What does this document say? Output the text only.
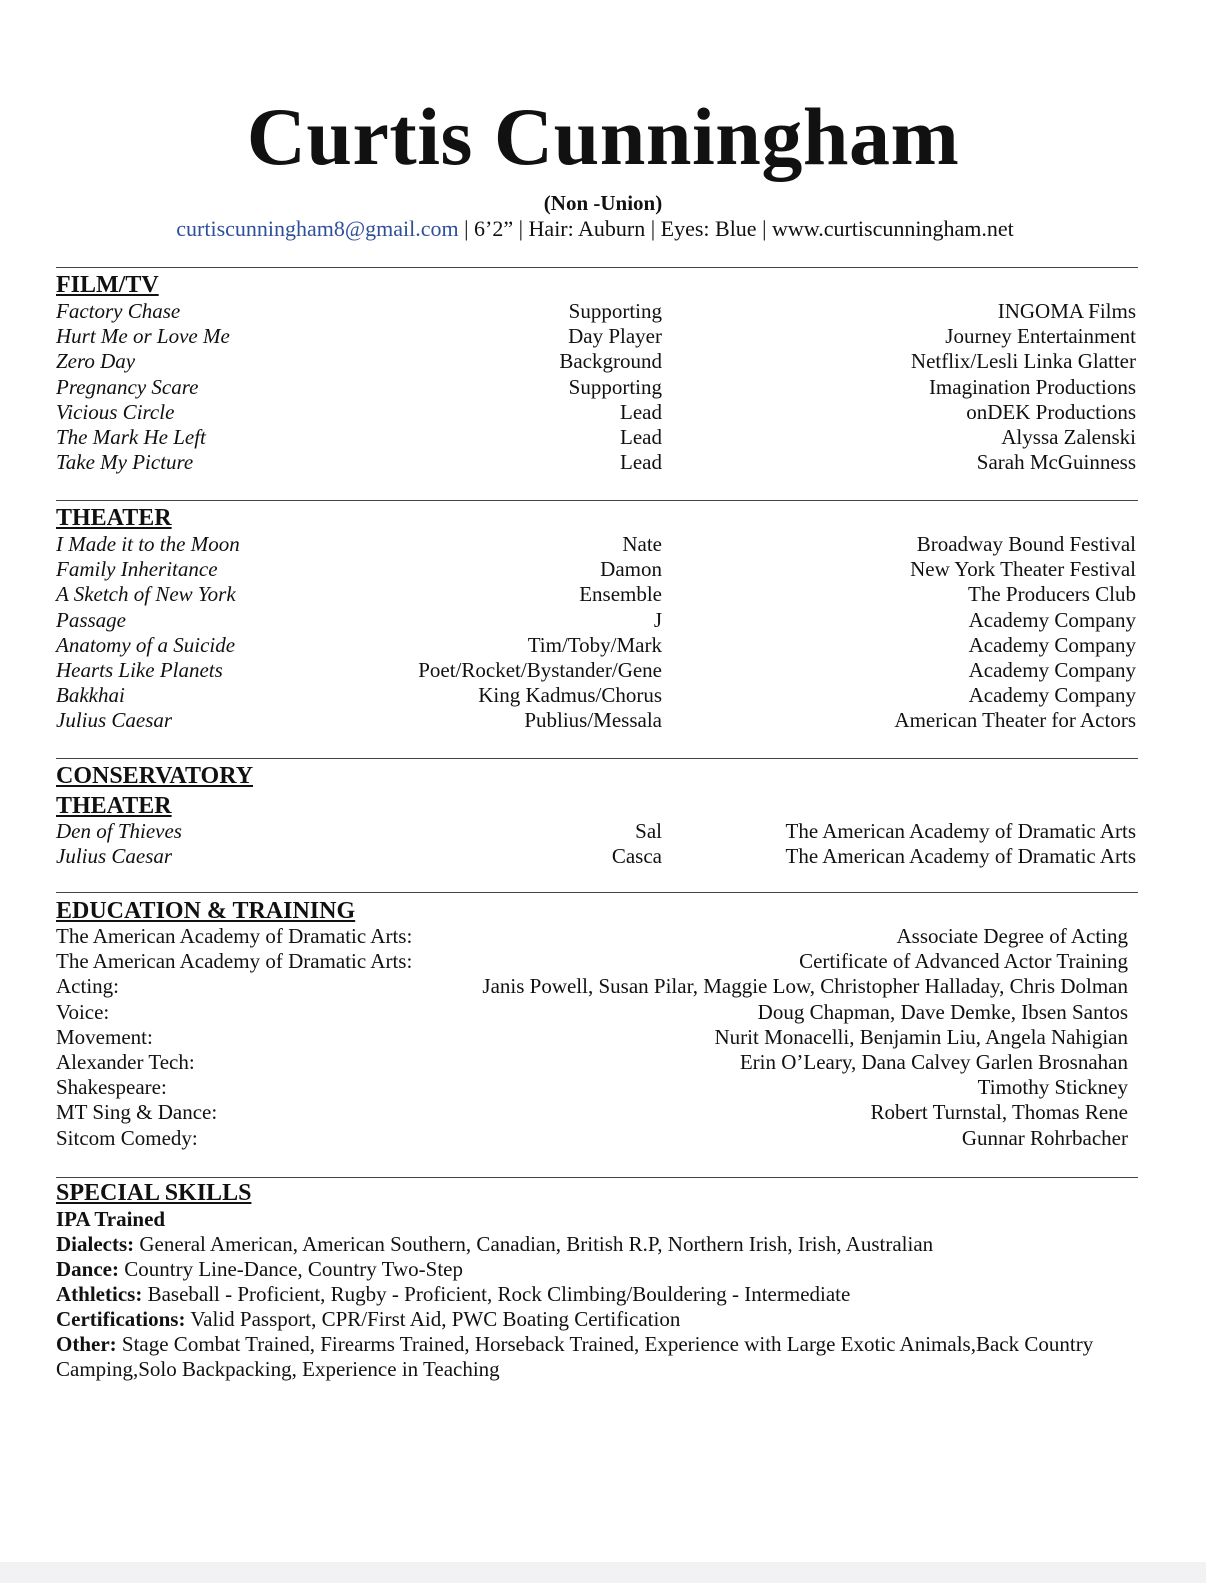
Curtis Cunningham
(Non -Union)
curtiscunningham8@gmail.com | 6’2” | Hair: Auburn | Eyes: Blue | www.curtiscunningham.net
FILM/TV
Factory Chase	Supporting	INGOMA Films
Hurt Me or Love Me	Day Player	Journey Entertainment
Zero Day	Background	Netflix/Lesli Linka Glatter
Pregnancy Scare	Supporting	Imagination Productions
Vicious Circle	Lead	onDEK Productions
The Mark He Left	Lead	Alyssa Zalenski
Take My Picture	Lead	Sarah McGuinness
THEATER
I Made it to the Moon	Nate	Broadway Bound Festival
Family Inheritance	Damon	New York Theater Festival
A Sketch of New York	Ensemble	The Producers Club
Passage	J	Academy Company
Anatomy of a Suicide	Tim/Toby/Mark	Academy Company
Hearts Like Planets	Poet/Rocket/Bystander/Gene	Academy Company
Bakkhai	King Kadmus/Chorus	Academy Company
Julius Caesar	Publius/Messala	American Theater for Actors
CONSERVATORY
THEATER
Den of Thieves	Sal	The American Academy of Dramatic Arts
Julius Caesar	Casca	The American Academy of Dramatic Arts
EDUCATION & TRAINING
The American Academy of Dramatic Arts:	Associate Degree of Acting
The American Academy of Dramatic Arts:	Certificate of Advanced Actor Training
Acting:	Janis Powell, Susan Pilar, Maggie Low, Christopher Halladay, Chris Dolman
Voice:	Doug Chapman, Dave Demke, Ibsen Santos
Movement:	Nurit Monacelli, Benjamin Liu, Angela Nahigian
Alexander Tech:	Erin O’Leary, Dana Calvey Garlen Brosnahan
Shakespeare:	Timothy Stickney
MT Sing & Dance:	Robert Turnstal, Thomas Rene
Sitcom Comedy:	Gunnar Rohrbacher
SPECIAL SKILLS
IPA Trained
Dialects: General American, American Southern, Canadian, British R.P, Northern Irish, Irish, Australian
Dance: Country Line-Dance, Country Two-Step
Athletics: Baseball - Proficient, Rugby - Proficient, Rock Climbing/Bouldering - Intermediate
Certifications: Valid Passport, CPR/First Aid, PWC Boating Certification
Other: Stage Combat Trained, Firearms Trained, Horseback Trained, Experience with Large Exotic Animals,Back Country Camping,Solo Backpacking, Experience in Teaching
